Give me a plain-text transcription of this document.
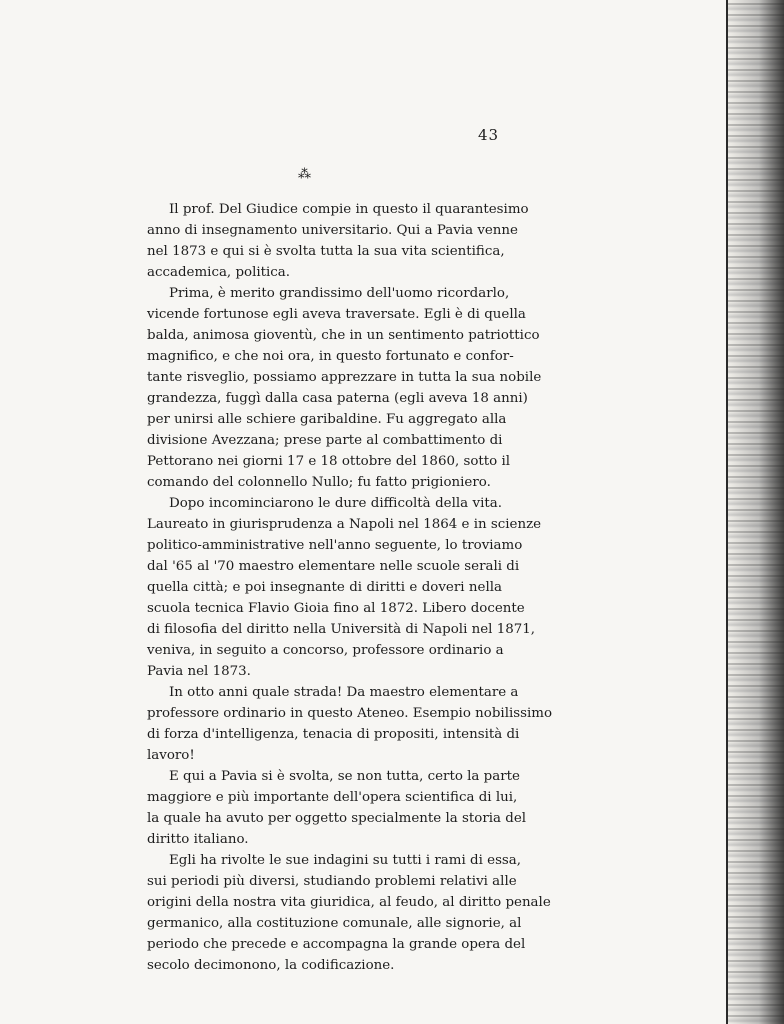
43
⁂
Il prof. Del Giudice compie in questo il quarantesimo
anno di insegnamento universitario. Qui a Pavia venne
nel 1873 e qui si è svolta tutta la sua vita scientifica,
accademica, politica.
Prima, è merito grandissimo dell'uomo ricordarlo,
vicende fortunose egli aveva traversate. Egli è di quella
balda, animosa gioventù, che in un sentimento patriottico
magnifico, e che noi ora, in questo fortunato e confor-
tante risveglio, possiamo apprezzare in tutta la sua nobile
grandezza, fuggì dalla casa paterna (egli aveva 18 anni)
per unirsi alle schiere garibaldine. Fu aggregato alla
divisione Avezzana; prese parte al combattimento di
Pettorano nei giorni 17 e 18 ottobre del 1860, sotto il
comando del colonnello Nullo; fu fatto prigioniero.
Dopo incominciarono le dure difficoltà della vita.
Laureato in giurisprudenza a Napoli nel 1864 e in scienze
politico-amministrative nell'anno seguente, lo troviamo
dal '65 al '70 maestro elementare nelle scuole serali di
quella città; e poi insegnante di diritti e doveri nella
scuola tecnica Flavio Gioia fino al 1872. Libero docente
di filosofia del diritto nella Università di Napoli nel 1871,
veniva, in seguito a concorso, professore ordinario a
Pavia nel 1873.
In otto anni quale strada! Da maestro elementare a
professore ordinario in questo Ateneo. Esempio nobilissimo
di forza d'intelligenza, tenacia di propositi, intensità di
lavoro!
E qui a Pavia si è svolta, se non tutta, certo la parte
maggiore e più importante dell'opera scientifica di lui,
la quale ha avuto per oggetto specialmente la storia del
diritto italiano.
Egli ha rivolte le sue indagini su tutti i rami di essa,
sui periodi più diversi, studiando problemi relativi alle
origini della nostra vita giuridica, al feudo, al diritto penale
germanico, alla costituzione comunale, alle signorie, al
periodo che precede e accompagna la grande opera del
secolo decimonono, la codificazione.
